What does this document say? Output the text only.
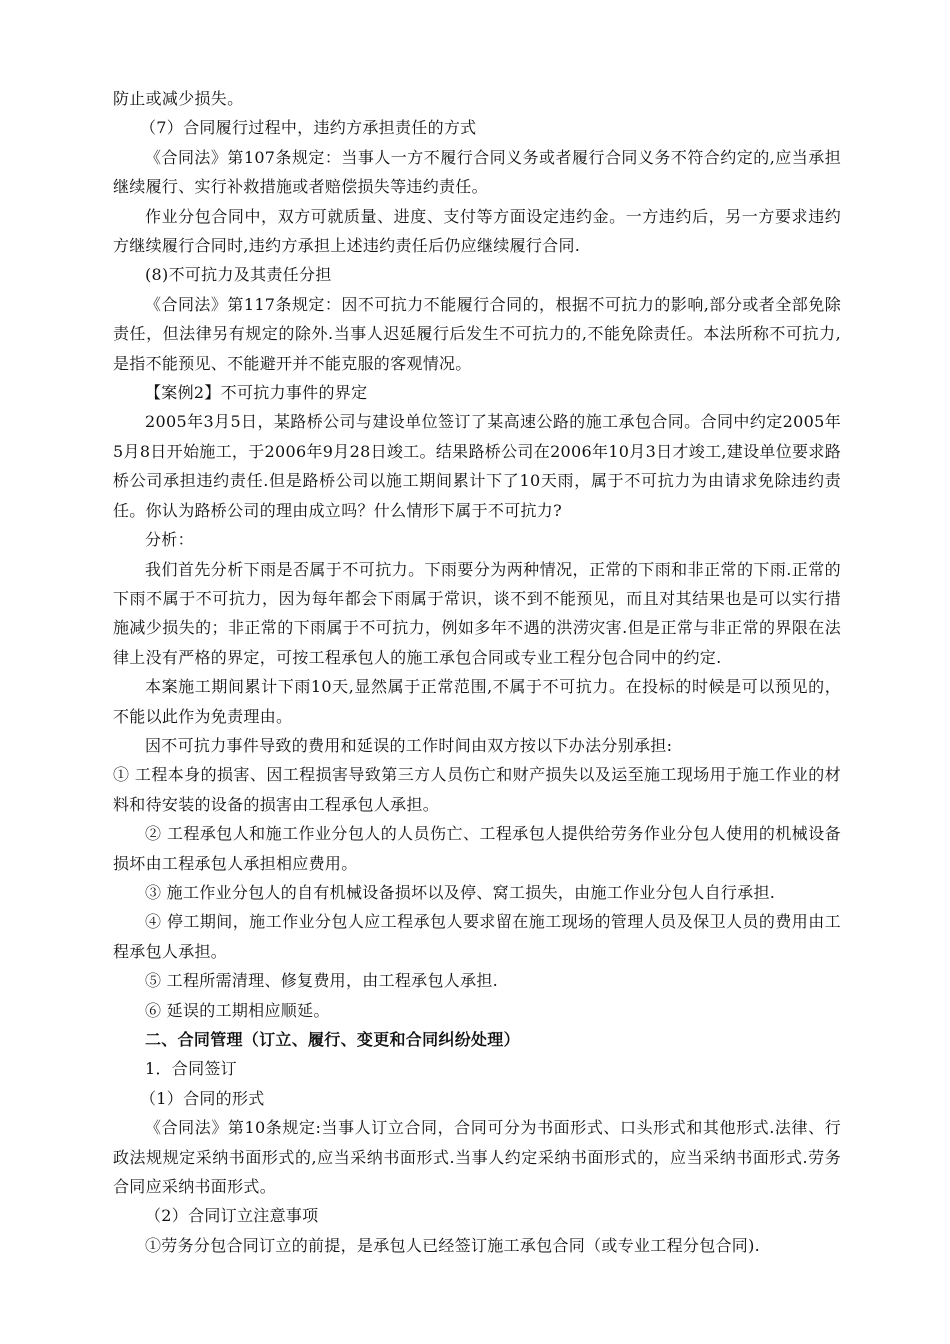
防止或减少损失。

（7）合同履行过程中，违约方承担责任的方式

《合同法》第107条规定：当事人一方不履行合同义务或者履行合同义务不符合约定的,应当承担继续履行、实行补救措施或者赔偿损失等违约责任。

作业分包合同中，双方可就质量、进度、支付等方面设定违约金。一方违约后，另一方要求违约方继续履行合同时,违约方承担上述违约责任后仍应继续履行合同.

(8)不可抗力及其责任分担

《合同法》第117条规定：因不可抗力不能履行合同的，根据不可抗力的影响,部分或者全部免除责任，但法律另有规定的除外.当事人迟延履行后发生不可抗力的,不能免除责任。本法所称不可抗力,是指不能预见、不能避开并不能克服的客观情况。

【案例2】不可抗力事件的界定

2005年3月5日，某路桥公司与建设单位签订了某高速公路的施工承包合同。合同中约定2005年5月8日开始施工，于2006年9月28日竣工。结果路桥公司在2006年10月3日才竣工,建设单位要求路桥公司承担违约责任.但是路桥公司以施工期间累计下了10天雨，属于不可抗力为由请求免除违约责任。你认为路桥公司的理由成立吗？什么情形下属于不可抗力?

分析：

我们首先分析下雨是否属于不可抗力。下雨要分为两种情况，正常的下雨和非正常的下雨.正常的下雨不属于不可抗力，因为每年都会下雨属于常识，谈不到不能预见，而且对其结果也是可以实行措施减少损失的；非正常的下雨属于不可抗力，例如多年不遇的洪涝灾害.但是正常与非正常的界限在法律上没有严格的界定，可按工程承包人的施工承包合同或专业工程分包合同中的约定.

本案施工期间累计下雨10天,显然属于正常范围,不属于不可抗力。在投标的时候是可以预见的，不能以此作为免责理由。

因不可抗力事件导致的费用和延误的工作时间由双方按以下办法分别承担:

① 工程本身的损害、因工程损害导致第三方人员伤亡和财产损失以及运至施工现场用于施工作业的材料和待安装的设备的损害由工程承包人承担。

② 工程承包人和施工作业分包人的人员伤亡、工程承包人提供给劳务作业分包人使用的机械设备损坏由工程承包人承担相应费用。

③ 施工作业分包人的自有机械设备损坏以及停、窝工损失，由施工作业分包人自行承担.

④ 停工期间，施工作业分包人应工程承包人要求留在施工现场的管理人员及保卫人员的费用由工程承包人承担。

⑤ 工程所需清理、修复费用，由工程承包人承担.

⑥ 延误的工期相应顺延。

二、合同管理（订立、履行、变更和合同纠纷处理）

1．合同签订

（1）合同的形式

《合同法》第10条规定:当事人订立合同，合同可分为书面形式、口头形式和其他形式.法律、行政法规规定采纳书面形式的,应当采纳书面形式.当事人约定采纳书面形式的，应当采纳书面形式.劳务合同应采纳书面形式。

（2）合同订立注意事项

①劳务分包合同订立的前提，是承包人已经签订施工承包合同（或专业工程分包合同).
